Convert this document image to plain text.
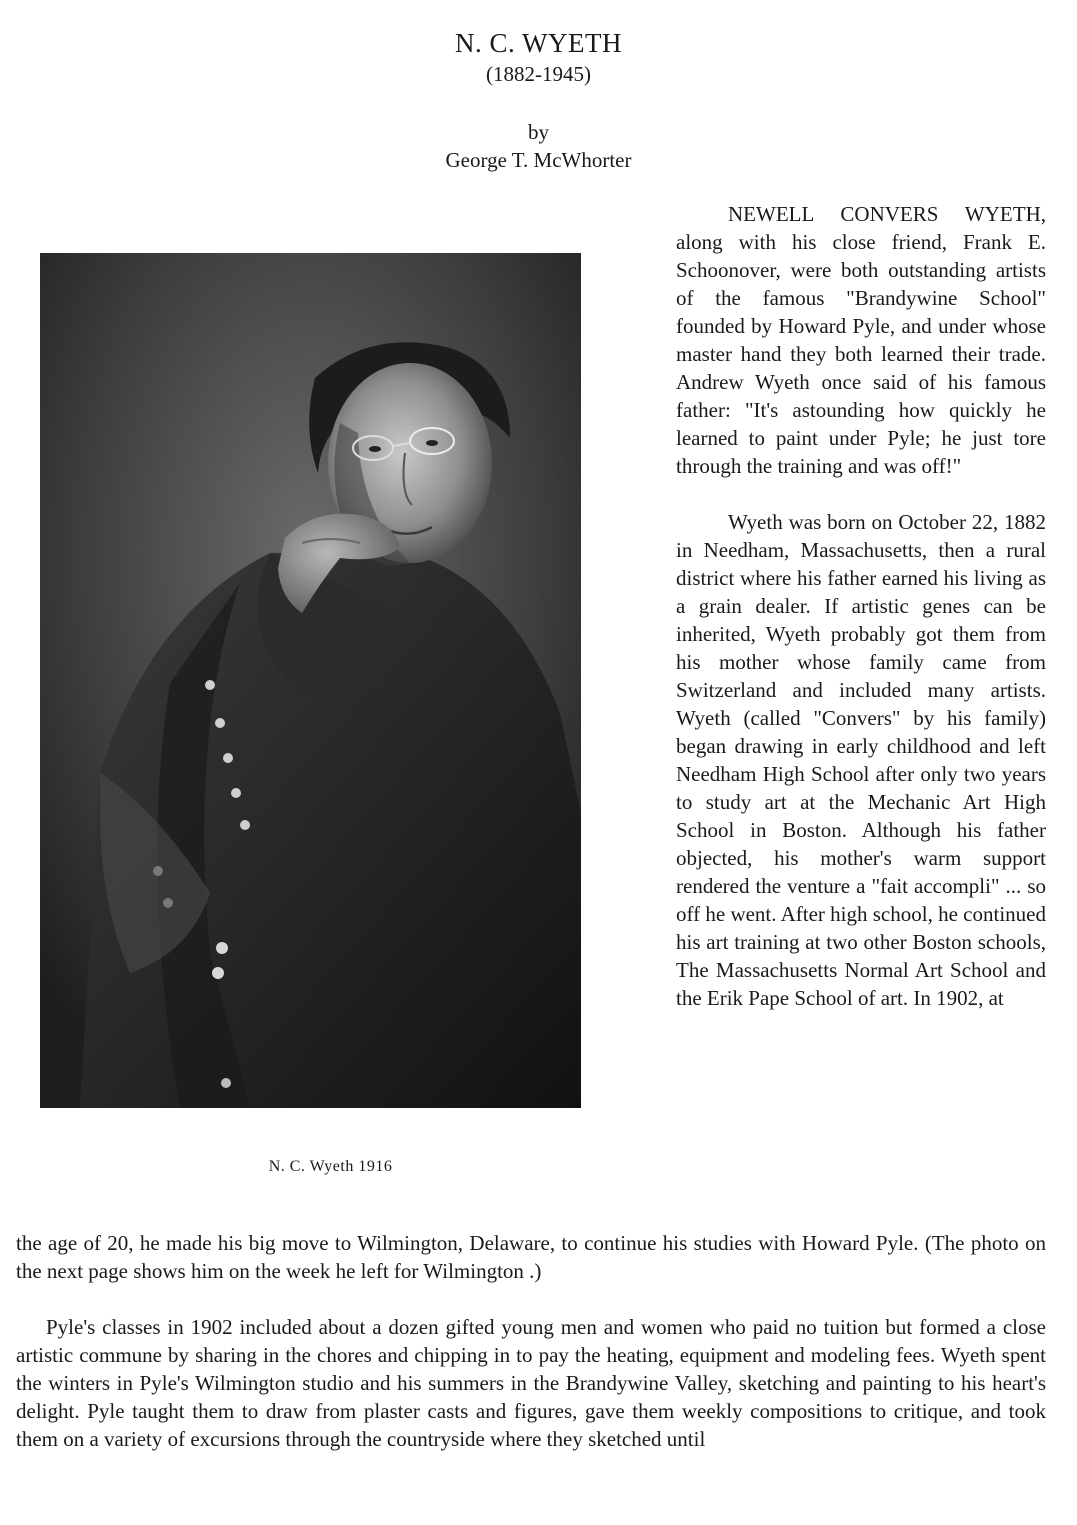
N. C. WYETH
(1882-1945)
by
George T. McWhorter
N. C. Wyeth 1916

NEWELL CONVERS WYETH, along with his close friend, Frank E. Schoonover, were both outstanding artists of the famous "Brandywine School" founded by Howard Pyle, and under whose master hand they both learned their trade. Andrew Wyeth once said of his famous father: "It's astounding how quickly he learned to paint under Pyle; he just tore through the training and was off!"

Wyeth was born on October 22, 1882 in Needham, Massachusetts, then a rural district where his father earned his living as a grain dealer. If artistic genes can be inherited, Wyeth probably got them from his mother whose family came from Switzerland and included many artists. Wyeth (called "Convers" by his family) began drawing in early childhood and left Needham High School after only two years to study art at the Mechanic Art High School in Boston. Although his father objected, his mother's warm support rendered the venture a "fait accompli" ... so off he went. After high school, he continued his art training at two other Boston schools, The Massachusetts Normal Art School and the Erik Pape School of art. In 1902, at

the age of 20, he made his big move to Wilmington, Delaware, to continue his studies with Howard Pyle. (The photo on the next page shows him on the week he left for Wilmington .)

Pyle's classes in 1902 included about a dozen gifted young men and women who paid no tuition but formed a close artistic commune by sharing in the chores and chipping in to pay the heating, equipment and modeling fees. Wyeth spent the winters in Pyle's Wilmington studio and his summers in the Brandywine Valley, sketching and painting to his heart's delight. Pyle taught them to draw from plaster casts and figures, gave them weekly compositions to critique, and took them on a variety of excursions through the countryside where they sketched until
